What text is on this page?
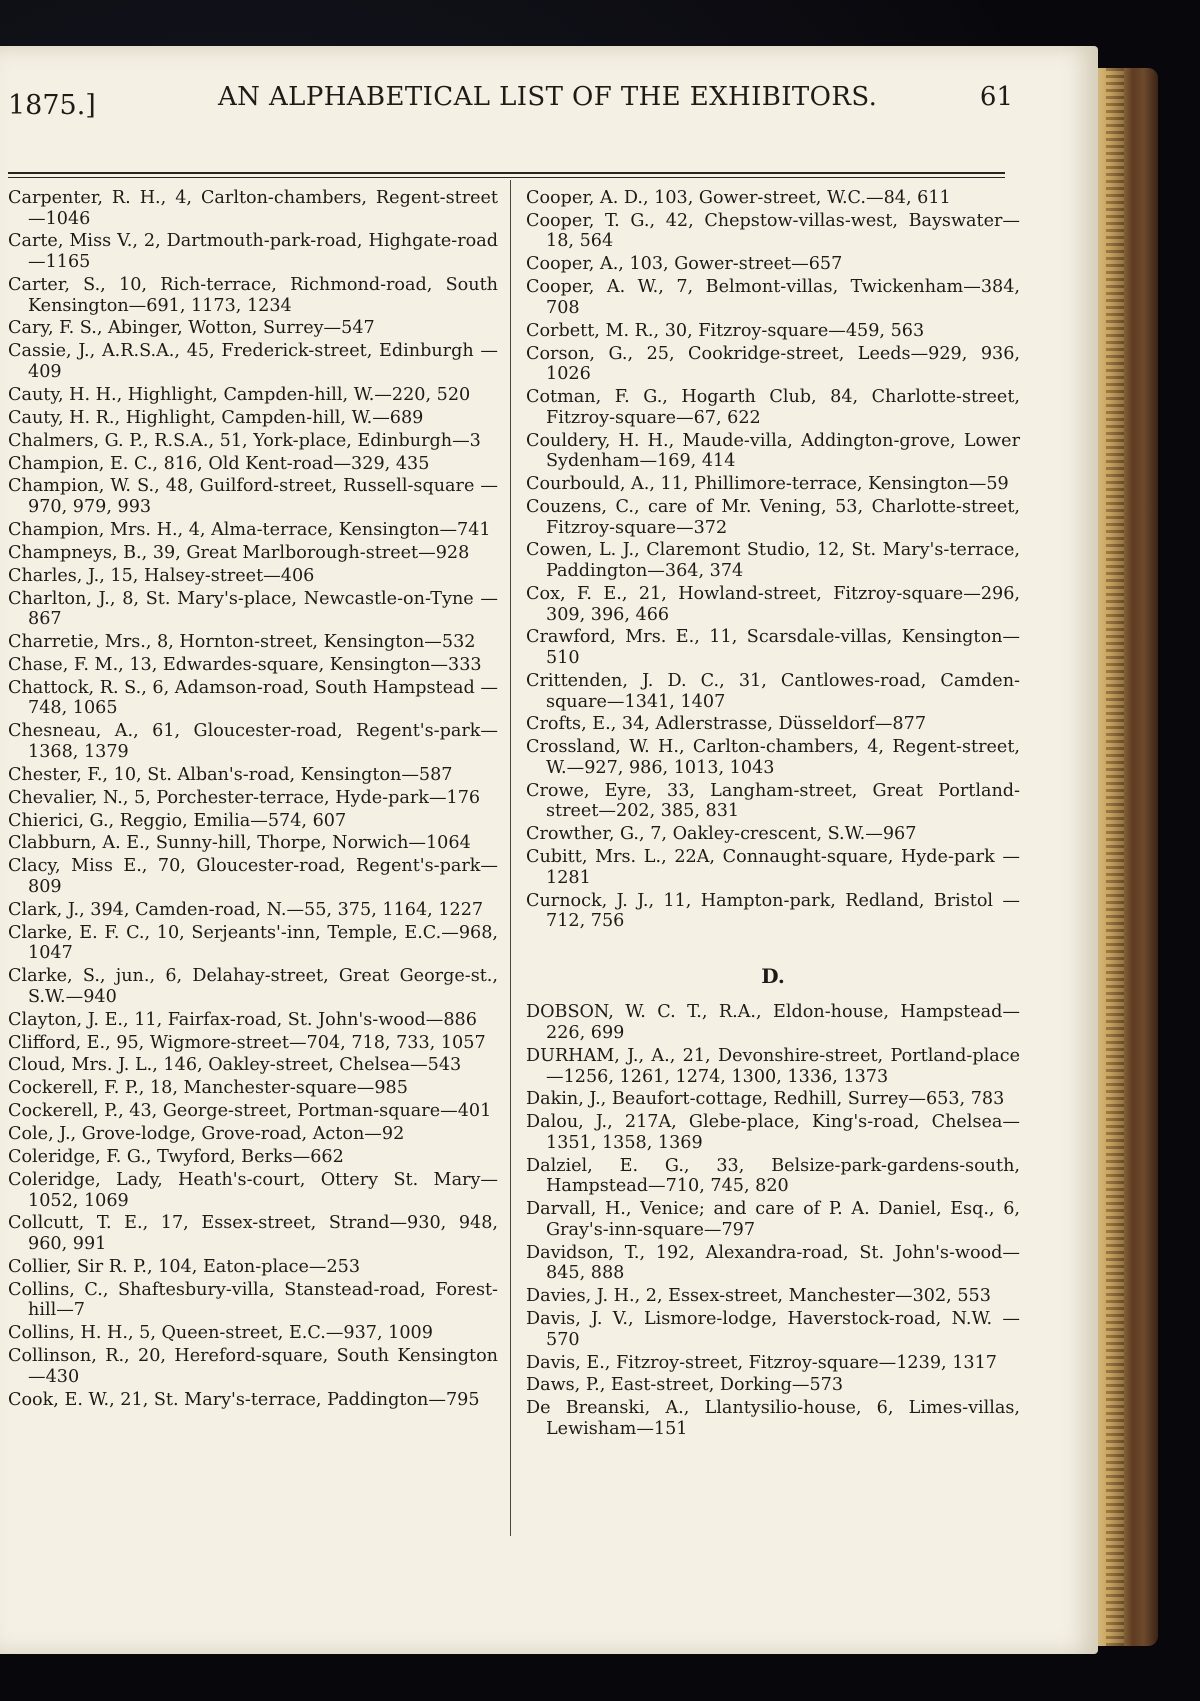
1875.]	AN ALPHABETICAL LIST OF THE EXHIBITORS.	61
Carpenter, R. H., 4, Carlton-chambers, Regent-street —1046
Carte, Miss V., 2, Dartmouth-park-road, Highgate-road—1165
Carter, S., 10, Rich-terrace, Richmond-road, South Kensington—691, 1173, 1234
Cary, F. S., Abinger, Wotton, Surrey—547
Cassie, J., A.R.S.A., 45, Frederick-street, Edinburgh —409
Cauty, H. H., Highlight, Campden-hill, W.—220, 520
Cauty, H. R., Highlight, Campden-hill, W.—689
Chalmers, G. P., R.S.A., 51, York-place, Edinburgh—3
Champion, E. C., 816, Old Kent-road—329, 435
Champion, W. S., 48, Guilford-street, Russell-square —970, 979, 993
Champion, Mrs. H., 4, Alma-terrace, Kensington—741
Champneys, B., 39, Great Marlborough-street—928
Charles, J., 15, Halsey-street—406
Charlton, J., 8, St. Mary's-place, Newcastle-on-Tyne —867
Charretie, Mrs., 8, Hornton-street, Kensington—532
Chase, F. M., 13, Edwardes-square, Kensington—333
Chattock, R. S., 6, Adamson-road, South Hampstead —748, 1065
Chesneau, A., 61, Gloucester-road, Regent's-park—1368, 1379
Chester, F., 10, St. Alban's-road, Kensington—587
Chevalier, N., 5, Porchester-terrace, Hyde-park—176
Chierici, G., Reggio, Emilia—574, 607
Clabburn, A. E., Sunny-hill, Thorpe, Norwich—1064
Clacy, Miss E., 70, Gloucester-road, Regent's-park—809
Clark, J., 394, Camden-road, N.—55, 375, 1164, 1227
Clarke, E. F. C., 10, Serjeants'-inn, Temple, E.C.—968, 1047
Clarke, S., jun., 6, Delahay-street, Great George-st., S.W.—940
Clayton, J. E., 11, Fairfax-road, St. John's-wood—886
Clifford, E., 95, Wigmore-street—704, 718, 733, 1057
Cloud, Mrs. J. L., 146, Oakley-street, Chelsea—543
Cockerell, F. P., 18, Manchester-square—985
Cockerell, P., 43, George-street, Portman-square—401
Cole, J., Grove-lodge, Grove-road, Acton—92
Coleridge, F. G., Twyford, Berks—662
Coleridge, Lady, Heath's-court, Ottery St. Mary—1052, 1069
Collcutt, T. E., 17, Essex-street, Strand—930, 948, 960, 991
Collier, Sir R. P., 104, Eaton-place—253
Collins, C., Shaftesbury-villa, Stanstead-road, Forest-hill—7
Collins, H. H., 5, Queen-street, E.C.—937, 1009
Collinson, R., 20, Hereford-square, South Kensington —430
Cook, E. W., 21, St. Mary's-terrace, Paddington—795
Cooper, A. D., 103, Gower-street, W.C.—84, 611
Cooper, T. G., 42, Chepstow-villas-west, Bayswater—18, 564
Cooper, A., 103, Gower-street—657
Cooper, A. W., 7, Belmont-villas, Twickenham—384, 708
Corbett, M. R., 30, Fitzroy-square—459, 563
Corson, G., 25, Cookridge-street, Leeds—929, 936, 1026
Cotman, F. G., Hogarth Club, 84, Charlotte-street, Fitzroy-square—67, 622
Couldery, H. H., Maude-villa, Addington-grove, Lower Sydenham—169, 414
Courbould, A., 11, Phillimore-terrace, Kensington—59
Couzens, C., care of Mr. Vening, 53, Charlotte-street, Fitzroy-square—372
Cowen, L. J., Claremont Studio, 12, St. Mary's-terrace, Paddington—364, 374
Cox, F. E., 21, Howland-street, Fitzroy-square—296, 309, 396, 466
Crawford, Mrs. E., 11, Scarsdale-villas, Kensington—510
Crittenden, J. D. C., 31, Cantlowes-road, Camden-square—1341, 1407
Crofts, E., 34, Adlerstrasse, Düsseldorf—877
Crossland, W. H., Carlton-chambers, 4, Regent-street, W.—927, 986, 1013, 1043
Crowe, Eyre, 33, Langham-street, Great Portland-street—202, 385, 831
Crowther, G., 7, Oakley-crescent, S.W.—967
Cubitt, Mrs. L., 22A, Connaught-square, Hyde-park —1281
Curnock, J. J., 11, Hampton-park, Redland, Bristol —712, 756
D.
DOBSON, W. C. T., R.A., Eldon-house, Hampstead—226, 699
DURHAM, J., A., 21, Devonshire-street, Portland-place—1256, 1261, 1274, 1300, 1336, 1373
Dakin, J., Beaufort-cottage, Redhill, Surrey—653, 783
Dalou, J., 217A, Glebe-place, King's-road, Chelsea—1351, 1358, 1369
Dalziel, E. G., 33, Belsize-park-gardens-south, Hampstead—710, 745, 820
Darvall, H., Venice; and care of P. A. Daniel, Esq., 6, Gray's-inn-square—797
Davidson, T., 192, Alexandra-road, St. John's-wood—845, 888
Davies, J. H., 2, Essex-street, Manchester—302, 553
Davis, J. V., Lismore-lodge, Haverstock-road, N.W. —570
Davis, E., Fitzroy-street, Fitzroy-square—1239, 1317
Daws, P., East-street, Dorking—573
De Breanski, A., Llantysilio-house, 6, Limes-villas, Lewisham—151
